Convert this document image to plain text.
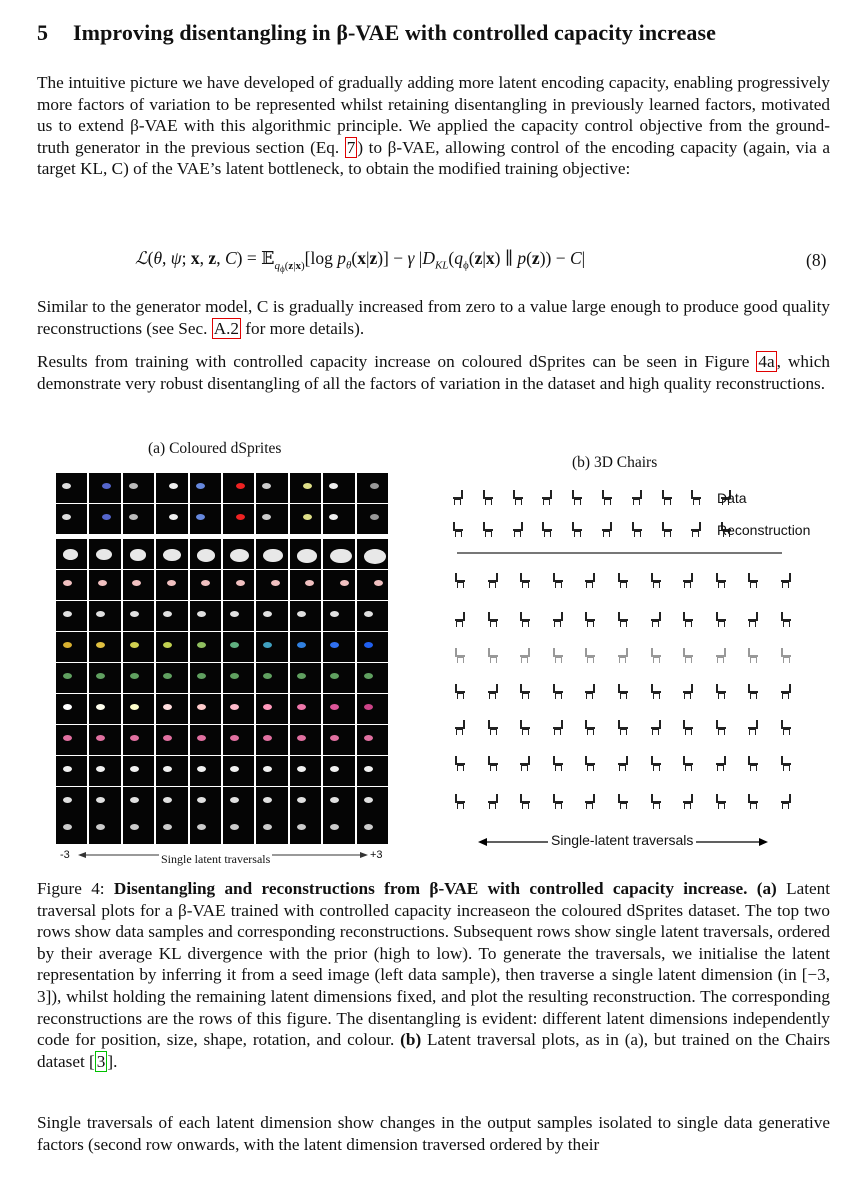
5 Improving disentangling in β-VAE with controlled capacity increase
The intuitive picture we have developed of gradually adding more latent encoding capacity, enabling progressively more factors of variation to be represented whilst retaining disentangling in previously learned factors, motivated us to extend β-VAE with this algorithmic principle. We applied the capacity control objective from the ground-truth generator in the previous section (Eq. 7 ) to β-VAE, allowing control of the encoding capacity (again, via a target KL, C) of the VAE’s latent bottleneck, to obtain the modified training objective:
ℒ(θ, ψ; x, z, C) = 𝔼$_{q_\phi(z|x)}$[log $p_\theta(x|z)] - \gamma$ $|D_{KL}(q_\phi(z|x)$ ∥ p(z)) − C|	(8)
Similar to the generator model, C is gradually increased from zero to a value large enough to produce good quality reconstructions (see Sec. A.2 for more details).
Results from training with controlled capacity increase on coloured dSprites can be seen in Figure 4a , which demonstrate very robust disentangling of all the factors of variation in the dataset and high quality reconstructions.
(a) Coloured dSprites
(b) 3D Chairs
-3	Single latent traversals	+3
Data
Reconstruction
Single-latent traversals
Figure 4: Disentangling and reconstructions from β-VAE with controlled capacity increase. (a) Latent traversal plots for a β-VAE trained with controlled capacity increaseon the coloured dSprites dataset. The top two rows show data samples and corresponding reconstructions. Subsequent rows show single latent traversals, ordered by their average KL divergence with the prior (high to low). To generate the traversals, we initialise the latent representation by inferring it from a seed image (left data sample), then traverse a single latent dimension (in [−3, 3]), whilst holding the remaining latent dimensions fixed, and plot the resulting reconstruction. The corresponding reconstructions are the rows of this figure. The disentangling is evident: different latent dimensions independently code for position, size, shape, rotation, and colour. (b) Latent traversal plots, as in (a), but trained on the Chairs dataset [ 3 ].
Single traversals of each latent dimension show changes in the output samples isolated to single data generative factors (second row onwards, with the latent dimension traversed ordered by their
